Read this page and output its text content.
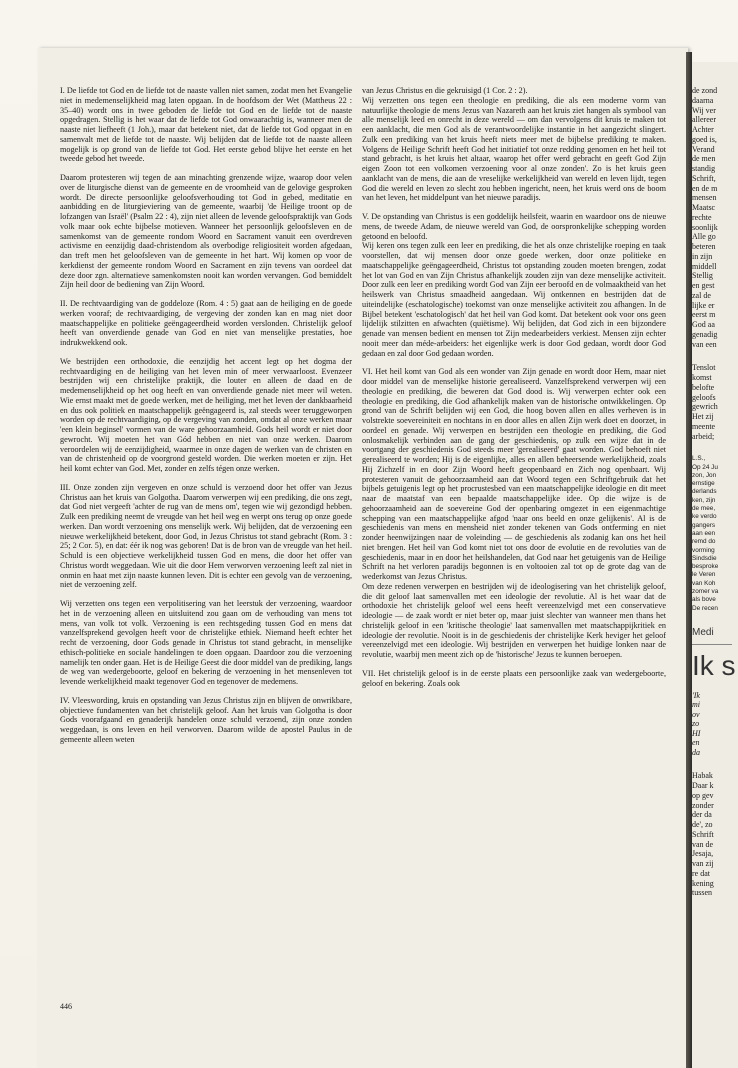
I. De liefde tot God en de liefde tot de naaste vallen niet samen, zodat men het Evangelie niet in medemenselijkheid mag laten opgaan. In de hoofdsom der Wet (Mattheus 22 : 35–40) wordt ons in twee geboden de liefde tot God en de liefde tot de naaste opgedragen. Stellig is het waar dat de liefde tot God onwaarachtig is, wanneer men de naaste niet liefheeft (1 Joh.), maar dat betekent niet, dat de liefde tot God opgaat in en samenvalt met de liefde tot de naaste. Wij belijden dat de liefde tot de naaste alleen mogelijk is op grond van de liefde tot God. Het eerste gebod blijve het eerste en het tweede gebod het tweede.

Daarom protesteren wij tegen de aan minachting grenzende wijze, waarop door velen over de liturgische dienst van de gemeente en de vroomheid van de gelovige gesproken wordt. De directe persoonlijke geloofsverhouding tot God in gebed, meditatie en aanbidding en de liturgieviering van de gemeente, waarbij 'de Heilige troont op de lofzangen van Israël' (Psalm 22 : 4), zijn niet alleen de levende geloofspraktijk van Gods volk maar ook echte bijbelse motieven. Wanneer het persoonlijk geloofsleven en de samenkomst van de gemeente rondom Woord en Sacrament vanuit een overdreven activisme en eenzijdig daad-christendom als overbodige religiositeit worden afgedaan, dan treft men het geloofsleven van de gemeente in het hart. Wij komen op voor de kerkdienst der gemeente rondom Woord en Sacrament en zijn tevens van oordeel dat deze door zgn. alternatieve samenkomsten nooit kan worden vervangen. God bemiddelt Zijn heil door de bediening van Zijn Woord.

II. De rechtvaardiging van de goddeloze (Rom. 4 : 5) gaat aan de heiliging en de goede werken vooraf; de rechtvaardiging, de vergeving der zonden kan en mag niet door maatschappelijke en politieke geëngageerdheid worden verslonden. Christelijk geloof heeft van onverdiende genade van God en niet van menselijke prestaties, hoe indrukwekkend ook.

We bestrijden een orthodoxie, die eenzijdig het accent legt op het dogma der rechtvaardiging en de heiliging van het leven min of meer verwaarloost. Evenzeer bestrijden wij een christelijke praktijk, die louter en alleen de daad en de medemenselijkheid op het oog heeft en van onverdiende genade niet meer wil weten. Wie ernst maakt met de goede werken, met de heiliging, met het leven der dankbaarheid en dus ook politiek en maatschappelijk geëngageerd is, zal steeds weer teruggeworpen worden op de rechtvaardiging, op de vergeving van zonden, omdat al onze werken maar 'een klein beginsel' vormen van de ware gehoorzaamheid. Gods heil wordt er niet door gewrocht. Wij moeten het van Gód hebben en niet van onze werken. Daarom veroordelen wij de eenzijdigheid, waarmee in onze dagen de werken van de christen en van de christenheid op de voorgrond gesteld worden. Die werken moeten er zijn. Het heil komt echter van God. Met, zonder en zelfs tégen onze werken.

III. Onze zonden zijn vergeven en onze schuld is verzoend door het offer van Jezus Christus aan het kruis van Golgotha. Daarom verwerpen wij een prediking, die ons zegt, dat God niet vergeeft 'achter de rug van de mens om', tegen wie wij gezondigd hebben. Zulk een prediking neemt de vreugde van het heil weg en werpt ons terug op onze goede werken. Dan wordt verzoening ons menselijk werk. Wij belijden, dat de verzoening een nieuwe werkelijkheid betekent, door God, in Jezus Christus tot stand gebracht (Rom. 3 : 25; 2 Cor. 5), en dat: éér ik nog was geboren! Dat is de bron van de vreugde van het heil. Schuld is een objectieve werkelijkheid tussen God en mens, die door het offer van Christus wordt weggedaan. Wie uit die door Hem verworven verzoening leeft zal niet in onmin en haat met zijn naaste kunnen leven. Dit is echter een gevolg van de verzoening, niet de verzoening zelf.

Wij verzetten ons tegen een verpolitisering van het leerstuk der verzoening, waardoor het in de verzoening alleen en uitsluitend zou gaan om de verhouding van mens tot mens, van volk tot volk. Verzoening is een rechtsgeding tussen God en mens dat vanzelfsprekend gevolgen heeft voor de christelijke ethiek. Niemand heeft echter het recht de verzoening, door Gods genade in Christus tot stand gebracht, in menselijke ethisch-politieke en sociale handelingen te doen opgaan. Daardoor zou die verzoening namelijk ten onder gaan. Het is de Heilige Geest die door middel van de prediking, langs de weg van wedergeboorte, geloof en bekering de verzoening in het mensenleven tot levende werkelijkheid maakt tegenover God en tegenover de medemens.

IV. Vleeswording, kruis en opstanding van Jezus Christus zijn en blijven de onwrikbare, objectieve fundamenten van het christelijk geloof. Aan het kruis van Golgotha is door Gods voorafgaand en genaderijk handelen onze schuld verzoend, zijn onze zonden weggedaan, is ons leven en heil verworven. Daarom wilde de apostel Paulus in de gemeente alleen weten

van Jezus Christus en die gekruisigd (1 Cor. 2 : 2).

Wij verzetten ons tegen een theologie en prediking, die als een moderne vorm van natuurlijke theologie de mens Jezus van Nazareth aan het kruis ziet hangen als symbool van alle menselijk leed en onrecht in deze wereld — om dan vervolgens dit kruis te maken tot een aanklacht, die men God als de verantwoordelijke instantie in het aangezicht slingert. Zulk een prediking van het kruis heeft niets meer met de bijbelse prediking te maken. Volgens de Heilige Schrift heeft God het initiatief tot onze redding genomen en het heil tot stand gebracht, is het kruis het altaar, waarop het offer werd gebracht en geeft God Zijn eigen Zoon tot een volkomen verzoening voor al onze zonden'. Zo is het kruis geen aanklacht van de mens, die aan de vreselijke werkelijkheid van wereld en leven lijdt, tegen God die wereld en leven zo slecht zou hebben ingericht, neen, het kruis werd ons de boom van het leven, het middelpunt van het nieuwe paradijs.

V. De opstanding van Christus is een goddelijk heilsfeit, waarin en waardoor ons de nieuwe mens, de tweede Adam, de nieuwe wereld van God, de oorspronkelijke schepping worden getoond en beloofd.

Wij keren ons tegen zulk een leer en prediking, die het als onze christelijke roeping en taak voorstellen, dat wij mensen door onze goede werken, door onze politieke en maatschappelijke geëngageerdheid, Christus tot opstanding zouden moeten brengen, zodat het lot van God en van Zijn Christus afhankelijk zouden zijn van deze menselijke activiteit. Door zulk een leer en prediking wordt God van Zijn eer beroofd en de volmaaktheid van het heilswerk van Christus smaadheid aangedaan. Wij ontkennen en bestrijden dat de uiteindelijke (eschatologische) toekomst van onze menselijke activiteit zou afhangen. In de Bijbel betekent 'eschatologisch' dat het heil van God komt. Dat betekent ook voor ons geen lijdelijk stilzitten en afwachten (quiëtisme). Wij belijden, dat God zich in een bijzondere genade van mensen bedient en mensen tot Zijn medearbeiders verkiest. Mensen zijn echter nooit meer dan méde-arbeiders: het eigenlijke werk is door God gedaan, wordt door God gedaan en zal door God gedaan worden.

VI. Het heil komt van God als een wonder van Zijn genade en wordt door Hem, maar niet door middel van de menselijke historie gerealiseerd. Vanzelfsprekend verwerpen wij een theologie en prediking, die beweren dat God dood is. Wij verwerpen echter ook een theologie en prediking, die God afhankelijk maken van de historische ontwikkelingen. Op grond van de Schrift belijden wij een God, die hoog boven allen en alles verheven is in volstrekte soevereiniteit en nochtans in en door alles en allen Zijn werk doet en doorzet, in oordeel en genade. Wij verwerpen en bestrijden een theologie en prediking, die God onlosmakelijk verbinden aan de gang der geschiedenis, op zulk een wijze dat in de voortgang der geschiedenis God steeds meer 'gerealiseerd' gaat worden. God behoeft niet gerealiseerd te worden; Hij is de eigenlijke, alles en allen beheersende werkelijkheid, zoals Hij Zichzelf in en door Zijn Woord heeft geopenbaard en Zich nog openbaart. Wij protesteren vanuit de gehoorzaamheid aan dat Woord tegen een Schriftgebruik dat het bijbels getuigenis legt op het procrustesbed van een maatschappelijke ideologie en dit meet naar de maatstaf van een bepaalde maatschappelijke idee. Op die wijze is de gehoorzaamheid aan de soevereine God der openbaring omgezet in een eigenmachtige schepping van een maatschappelijke afgod 'naar ons beeld en onze gelijkenis'. Al is de geschiedenis van mens en mensheid niet zonder tekenen van Gods ontferming en niet zonder heenwijzingen naar de voleinding — de geschiedenis als zodanig kan ons het heil niet brengen. Het heil van God komt niet tot ons door de evolutie en de revoluties van de geschiedenis, maar in en door het heilshandelen, dat God naar het getuigenis van de Heilige Schrift na het verloren paradijs begonnen is en voltooien zal tot op de grote dag van de wederkomst van Jezus Christus.

Om deze redenen verwerpen en bestrijden wij de ideologisering van het christelijk geloof, die dit geloof laat samenvallen met een ideologie der revolutie. Al is het waar dat de orthodoxie het christelijk geloof wel eens heeft vereenzelvigd met een conservatieve ideologie — de zaak wordt er niet beter op, maar juist slechter van wanneer men thans het christelijk geloof in een 'kritische theologie' laat samenvallen met maatschappijkritiek en ideologie der revolutie. Nooit is in de geschiedenis der christelijke Kerk heviger het geloof vereenzelvigd met een ideologie. Wij bestrijden en verwerpen het huidige lonken naar de revolutie, waarbij men meent zich op de 'historische' Jezus te kunnen beroepen.

VII. Het christelijk geloof is in de eerste plaats een persoonlijke zaak van wedergeboorte, geloof en bekering. Zoals ook

446
de zond
daarna
Wij ver
allereer
Achter
goed is,
Verand
de men
standig
Schrift,
en de m
mensen
Maatsc
rechte
soonlijk
Alle go
beteren
in zijn
middell
Stellig
en gest
zal de
lijke er
eerst m
God aa
genadig
van een
Tenslot
komst
belofte
geloofs
gewrich
Het zij
meente
arbeid;
L.S.,
Op 24 Ju
zon, Jon
ernstige
derlands
ken, zijn
de mee,
ke verdo
gangers
aan een
remd do
vorming
Sindsdie
besproke
le Veren
van Koh
zomer va
als bove
De recen
Medi
Ik s
'Ik
mi
ov
zo
HI
en
da
Habak
Daar k
op gev
zonder
der da
de', zo
Schrift
van de
Jesaja,
van zij
re dat
kening
tussen
